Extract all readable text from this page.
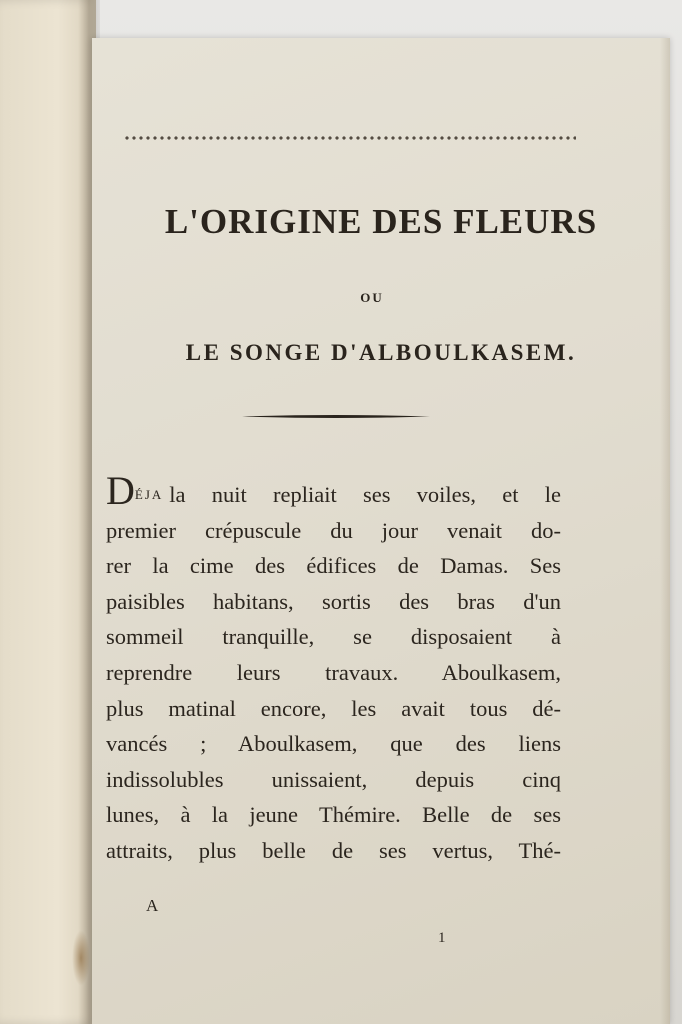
L'ORIGINE DES FLEURS

OU

LE SONGE D'ALBOULKASEM.
DÉJA la nuit repliait ses voiles, et le
premier crépuscule du jour venait do-
rer la cime des édifices de Damas. Ses
paisibles habitans, sortis des bras d'un
sommeil tranquille, se disposaient à
reprendre leurs travaux. Aboulkasem,
plus matinal encore, les avait tous dé-
vancés ; Aboulkasem, que des liens
indissolubles unissaient, depuis cinq
lunes, à la jeune Thémire. Belle de ses
attraits, plus belle de ses vertus, Thé-

A

1
